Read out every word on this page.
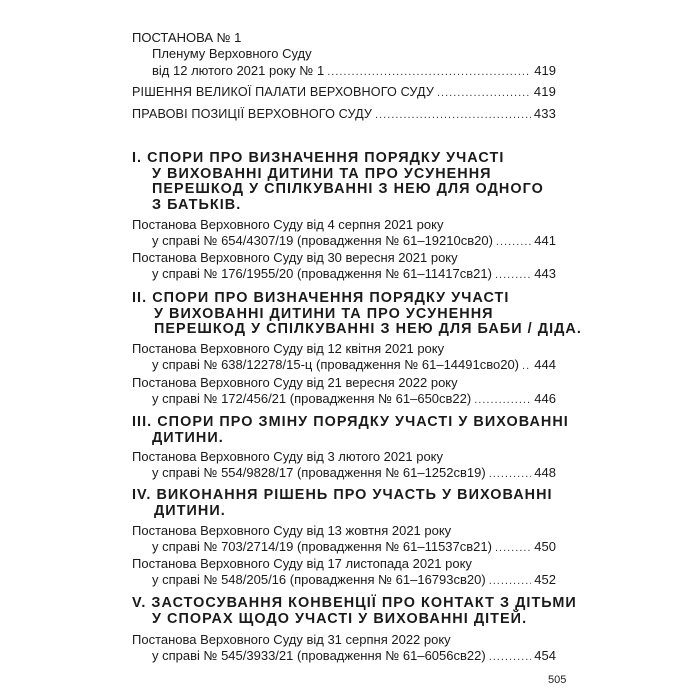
ПОСТАНОВА № 1
Пленуму Верховного Суду
від 12 лютого 2021 року № 1 .....	419
РІШЕННЯ ВЕЛИКОЇ ПАЛАТИ ВЕРХОВНОГО СУДУ .....	419
ПРАВОВІ ПОЗИЦІЇ ВЕРХОВНОГО СУДУ .....	433
І. СПОРИ ПРО ВИЗНАЧЕННЯ ПОРЯДКУ УЧАСТІ
У ВИХОВАННІ ДИТИНИ ТА ПРО УСУНЕННЯ
ПЕРЕШКОД У СПІЛКУВАННІ З НЕЮ ДЛЯ ОДНОГО
З БАТЬКІВ.
Постанова Верховного Суду від 4 серпня 2021 року
у справі № 654/4307/19 (провадження № 61–19210св20) .....	441
Постанова Верховного Суду від 30 вересня 2021 року
у справі № 176/1955/20 (провадження № 61–11417св21) .....	443
ІІ. СПОРИ ПРО ВИЗНАЧЕННЯ ПОРЯДКУ УЧАСТІ
У ВИХОВАННІ ДИТИНИ ТА ПРО УСУНЕННЯ
ПЕРЕШКОД У СПІЛКУВАННІ З НЕЮ ДЛЯ БАБИ / ДІДА.
Постанова Верховного Суду від 12 квітня 2021 року
у справі № 638/12278/15-ц (провадження № 61–14491сво20) ..... 444
Постанова Верховного Суду від 21 вересня 2022 року
у справі № 172/456/21 (провадження № 61–650св22) .....	446
ІІІ. СПОРИ ПРО ЗМІНУ ПОРЯДКУ УЧАСТІ У ВИХОВАННІ
ДИТИНИ.
Постанова Верховного Суду від 3 лютого 2021 року
у справі № 554/9828/17 (провадження № 61–1252св19) .....	448
ІV. ВИКОНАННЯ РІШЕНЬ ПРО УЧАСТЬ У ВИХОВАННІ
ДИТИНИ.
Постанова Верховного Суду від 13 жовтня 2021 року
у справі № 703/2714/19 (провадження № 61–11537св21) .....	450
Постанова Верховного Суду від 17 листопада 2021 року
у справі № 548/205/16 (провадження № 61–16793св20) .....	452
V. ЗАСТОСУВАННЯ КОНВЕНЦІЇ ПРО КОНТАКТ З ДІТЬМИ
У СПОРАХ ЩОДО УЧАСТІ У ВИХОВАННІ ДІТЕЙ.
Постанова Верховного Суду від 31 серпня 2022 року
у справі № 545/3933/21 (провадження № 61–6056св22) .....	454
505
